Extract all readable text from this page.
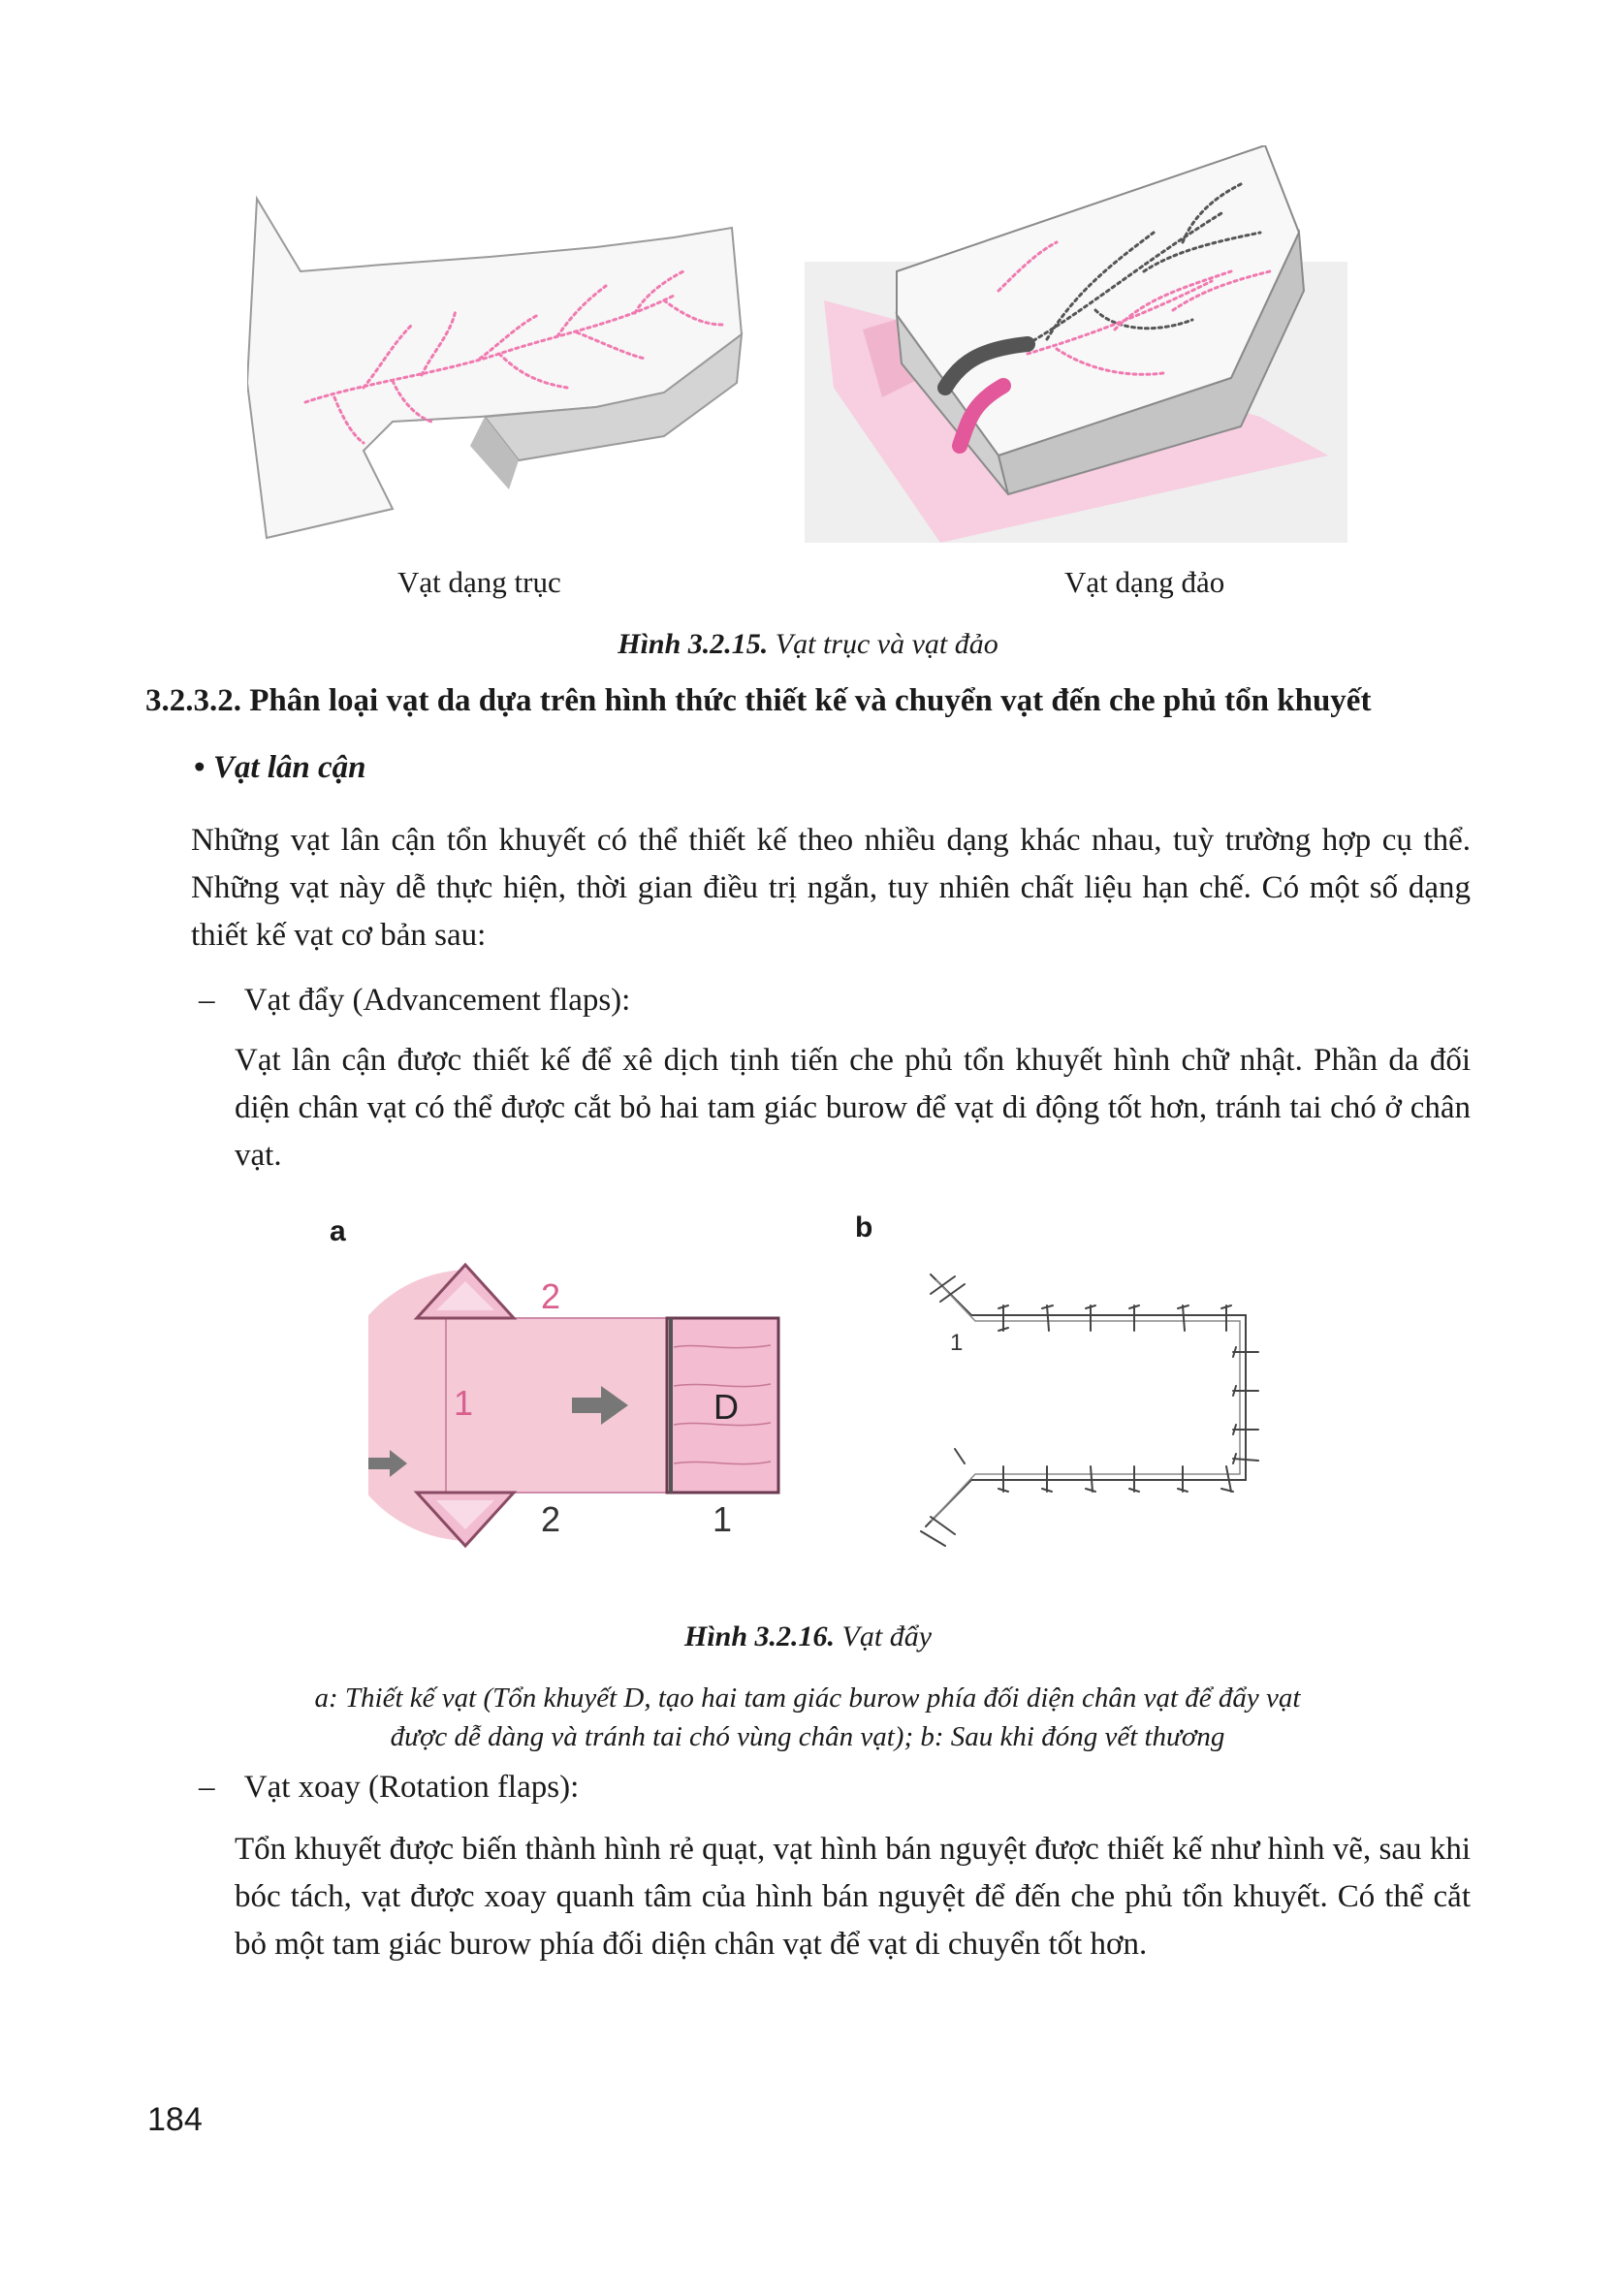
Vạt dạng trục	Vạt dạng đảo
Hình 3.2.15. Vạt trục và vạt đảo
3.2.3.2. Phân loại vạt da dựa trên hình thức thiết kế và chuyển vạt đến che phủ tổn khuyết
• Vạt lân cận

Những vạt lân cận tổn khuyết có thể thiết kế theo nhiều dạng khác nhau, tuỳ trường hợp cụ thể. Những vạt này dễ thực hiện, thời gian điều trị ngắn, tuy nhiên chất liệu hạn chế. Có một số dạng thiết kế vạt cơ bản sau:

– Vạt đẩy (Advancement flaps):

Vạt lân cận được thiết kế để xê dịch tịnh tiến che phủ tổn khuyết hình chữ nhật. Phần da đối diện chân vạt có thể được cắt bỏ hai tam giác burow để vạt di động tốt hơn, tránh tai chó ở chân vạt.

a	b
2
1	D
2	1
1
Hình 3.2.16. Vạt đẩy
a: Thiết kế vạt (Tổn khuyết D, tạo hai tam giác burow phía đối diện chân vạt để đẩy vạt
được dễ dàng và tránh tai chó vùng chân vạt); b: Sau khi đóng vết thương
– Vạt xoay (Rotation flaps):

Tổn khuyết được biến thành hình rẻ quạt, vạt hình bán nguyệt được thiết kế như hình vẽ, sau khi bóc tách, vạt được xoay quanh tâm của hình bán nguyệt để đến che phủ tổn khuyết. Có thể cắt bỏ một tam giác burow phía đối diện chân vạt để vạt di chuyển tốt hơn.

184
